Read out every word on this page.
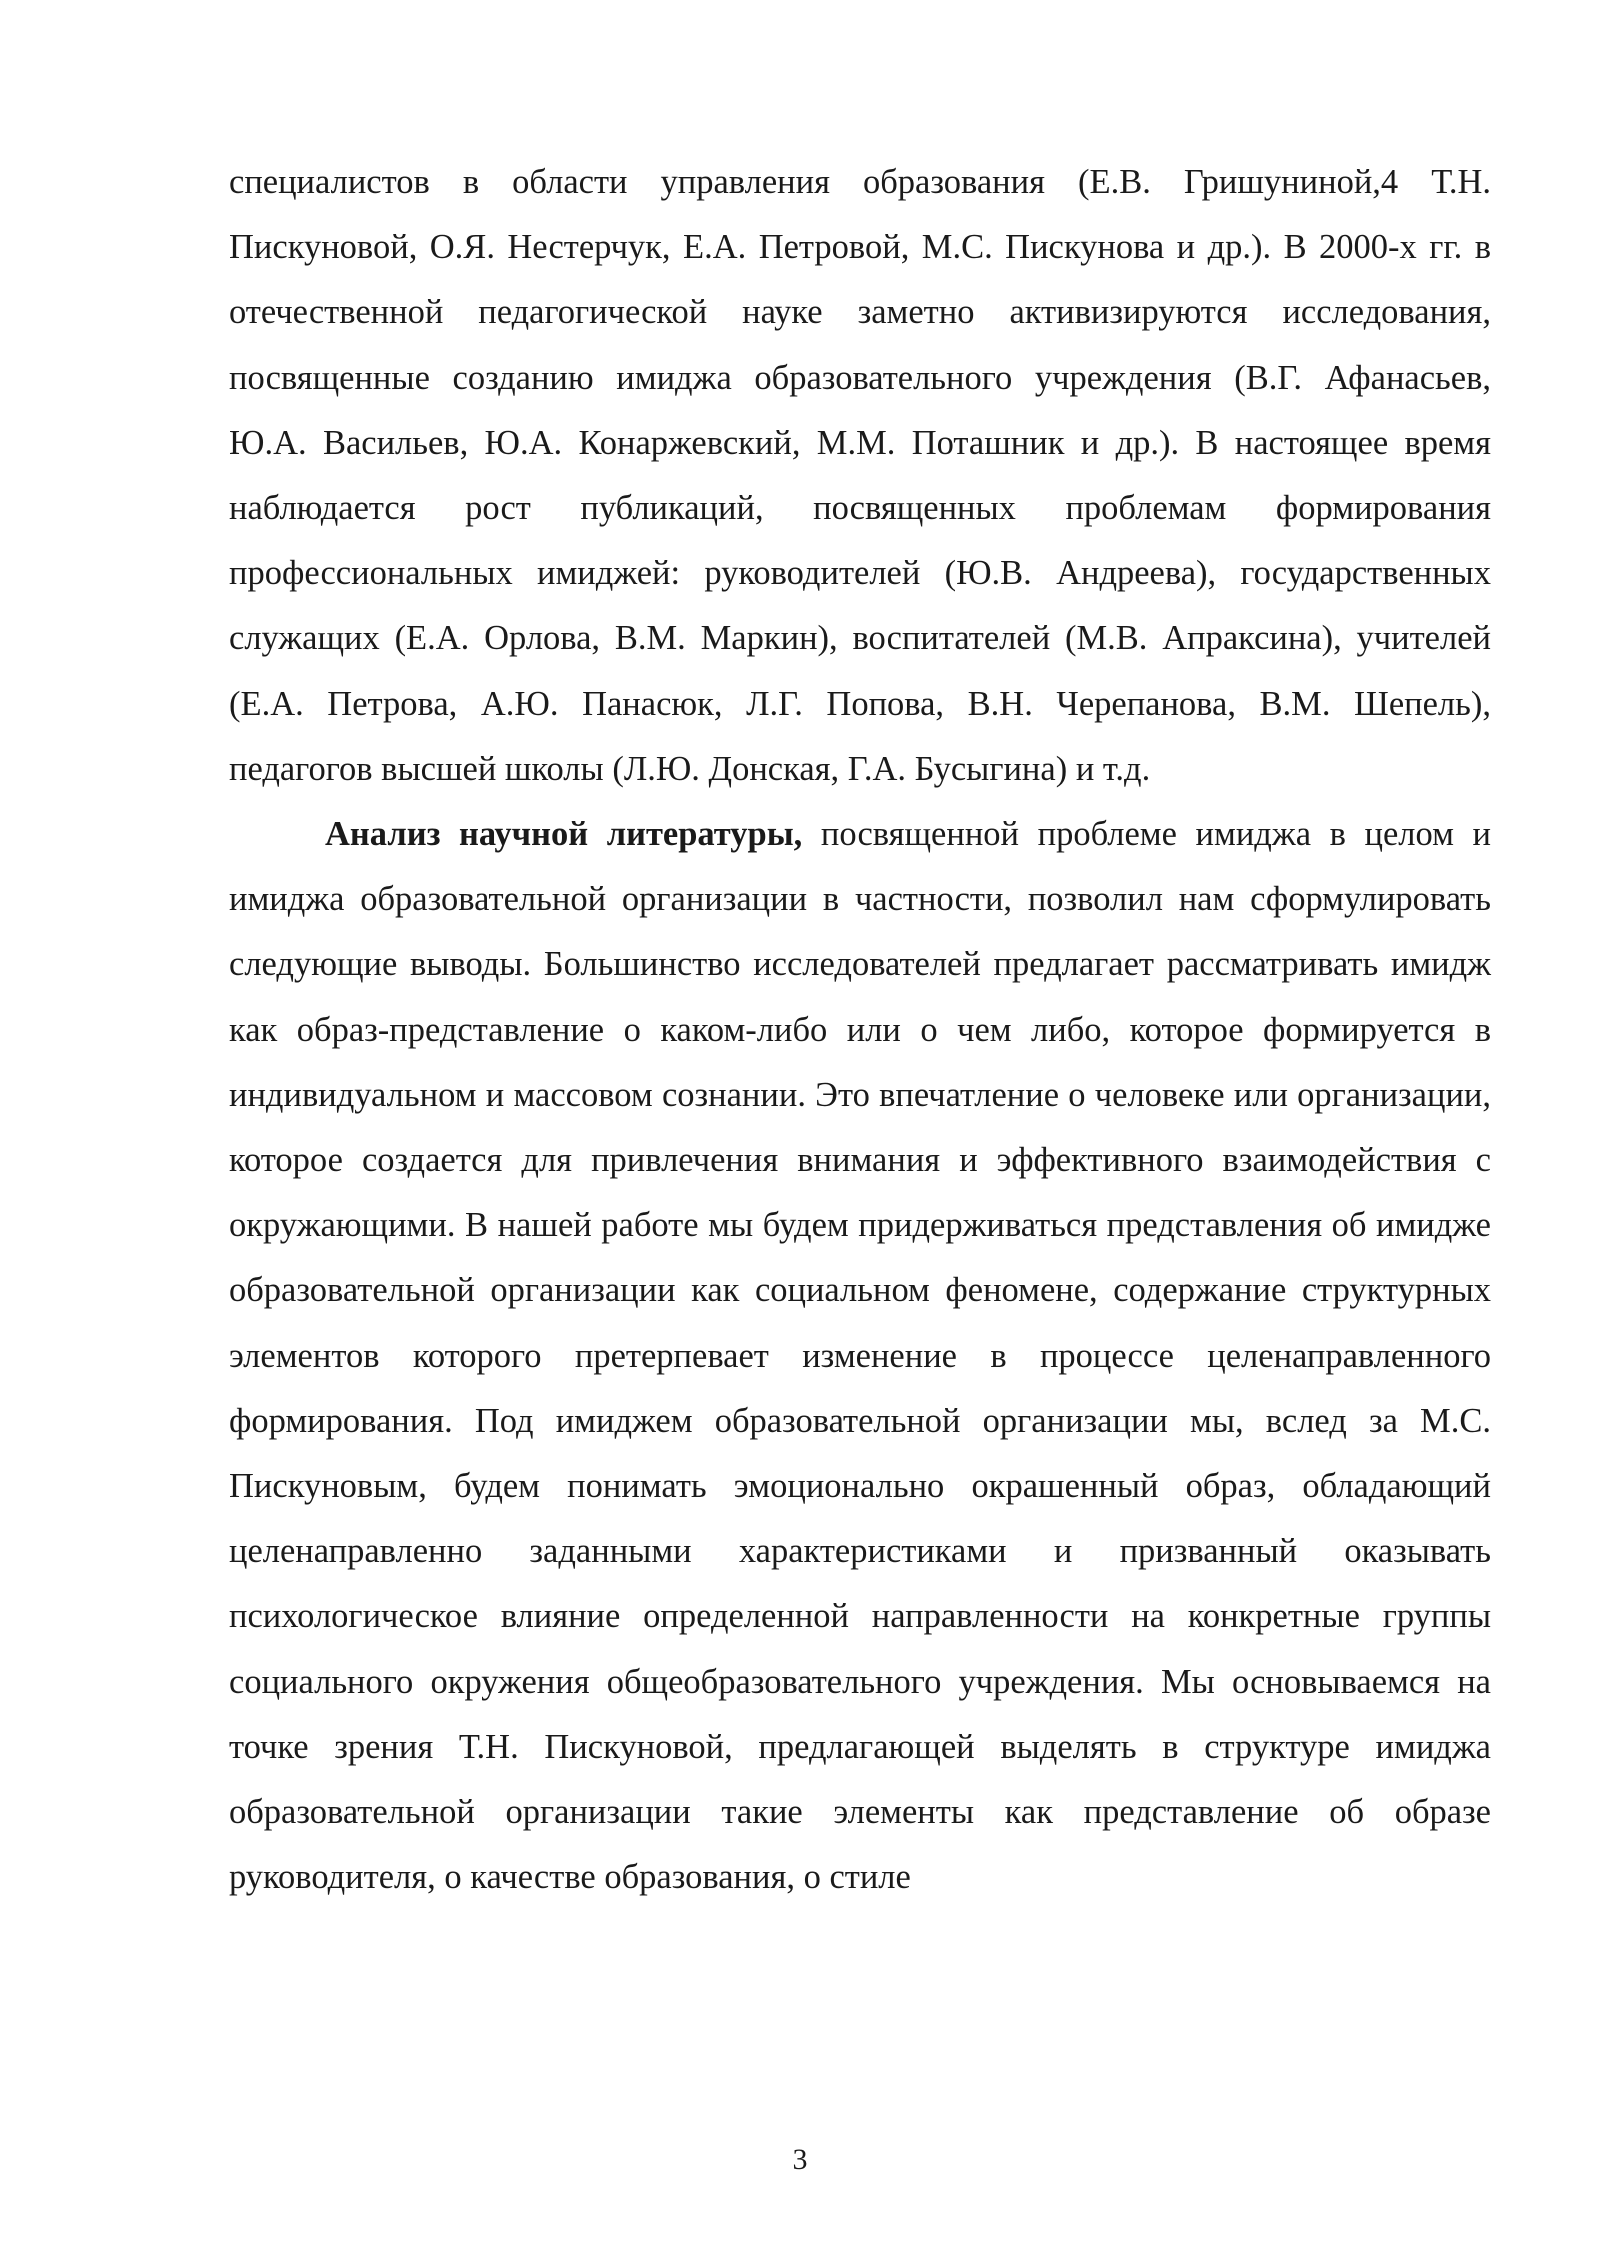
специалистов в области управления образования (Е.В. Гришуниной,4 Т.Н. Пискуновой, О.Я. Нестерчук, Е.А. Петровой, М.С. Пискунова и др.). В 2000-х гг. в отечественной педагогической науке заметно активизируются исследования, посвященные созданию имиджа образовательного учреждения (В.Г. Афанасьев, Ю.А. Васильев, Ю.А. Конаржевский, М.М. Поташник и др.). В настоящее время наблюдается рост публикаций, посвященных проблемам формирования профессиональных имиджей: руководителей (Ю.В. Андреева), государственных служащих (Е.А. Орлова, В.М. Маркин), воспитателей (М.В. Апраксина), учителей (Е.А. Петрова, А.Ю. Панасюк, Л.Г. Попова, В.Н. Черепанова, В.М. Шепель), педагогов высшей школы (Л.Ю. Донская, Г.А. Бусыгина) и т.д.

Анализ научной литературы, посвященной проблеме имиджа в целом и имиджа образовательной организации в частности, позволил нам сформулировать следующие выводы. Большинство исследователей предлагает рассматривать имидж как образ-представление о каком-либо или о чем либо, которое формируется в индивидуальном и массовом сознании. Это впечатление о человеке или организации, которое создается для привлечения внимания и эффективного взаимодействия с окружающими. В нашей работе мы будем придерживаться представления об имидже образовательной организации как социальном феномене, содержание структурных элементов которого претерпевает изменение в процессе целенаправленного формирования. Под имиджем образовательной организации мы, вслед за М.С. Пискуновым, будем понимать эмоционально окрашенный образ, обладающий целенаправленно заданными характеристиками и призванный оказывать психологическое влияние определенной направленности на конкретные группы социального окружения общеобразовательного учреждения. Мы основываемся на точке зрения Т.Н. Пискуновой, предлагающей выделять в структуре имиджа образовательной организации такие элементы как представление об образе руководителя, о качестве образования, о стиле

3
